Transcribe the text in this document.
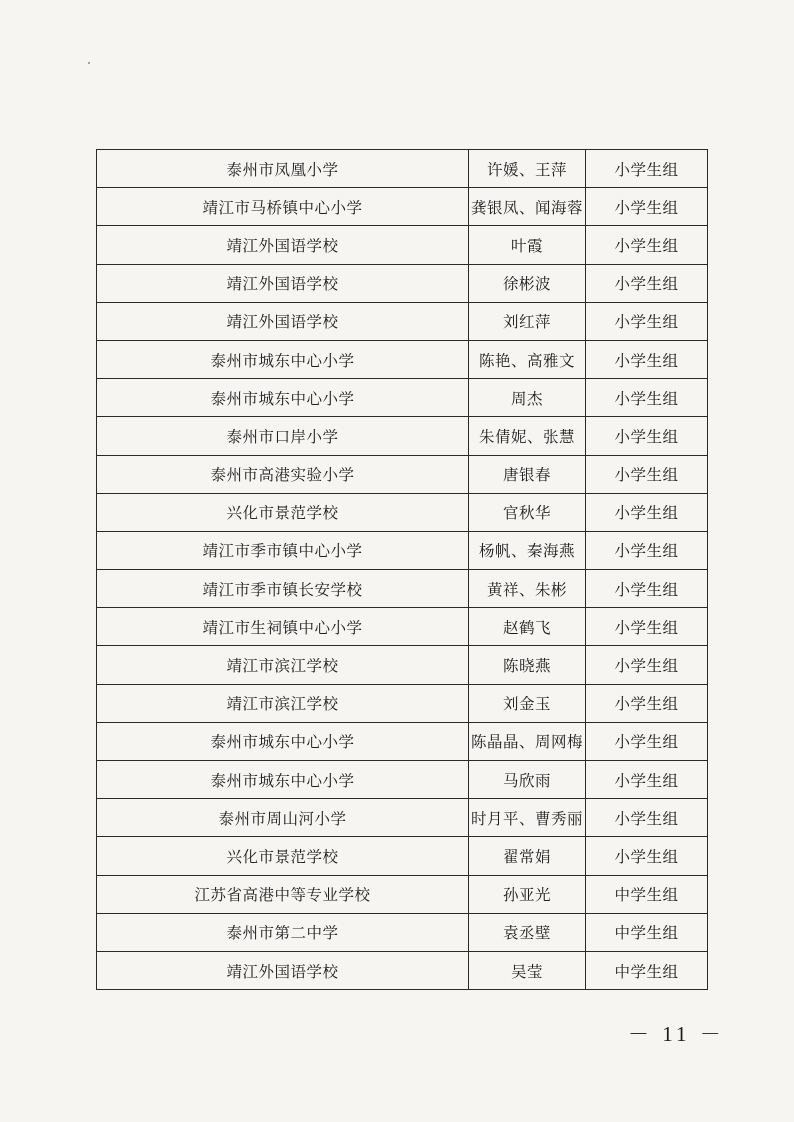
泰州市凤凰小学	许媛、王萍	小学生组
靖江市马桥镇中心小学	龚银凤、闻海蓉	小学生组
靖江外国语学校	叶霞	小学生组
靖江外国语学校	徐彬波	小学生组
靖江外国语学校	刘红萍	小学生组
泰州市城东中心小学	陈艳、高雅文	小学生组
泰州市城东中心小学	周杰	小学生组
泰州市口岸小学	朱倩妮、张慧	小学生组
泰州市高港实验小学	唐银春	小学生组
兴化市景范学校	官秋华	小学生组
靖江市季市镇中心小学	杨帆、秦海燕	小学生组
靖江市季市镇长安学校	黄祥、朱彬	小学生组
靖江市生祠镇中心小学	赵鹤飞	小学生组
靖江市滨江学校	陈晓燕	小学生组
靖江市滨江学校	刘金玉	小学生组
泰州市城东中心小学	陈晶晶、周网梅	小学生组
泰州市城东中心小学	马欣雨	小学生组
泰州市周山河小学	时月平、曹秀丽	小学生组
兴化市景范学校	翟常娟	小学生组
江苏省高港中等专业学校	孙亚光	中学生组
泰州市第二中学	袁丞壁	中学生组
靖江外国语学校	吴莹	中学生组
－ 11 －
